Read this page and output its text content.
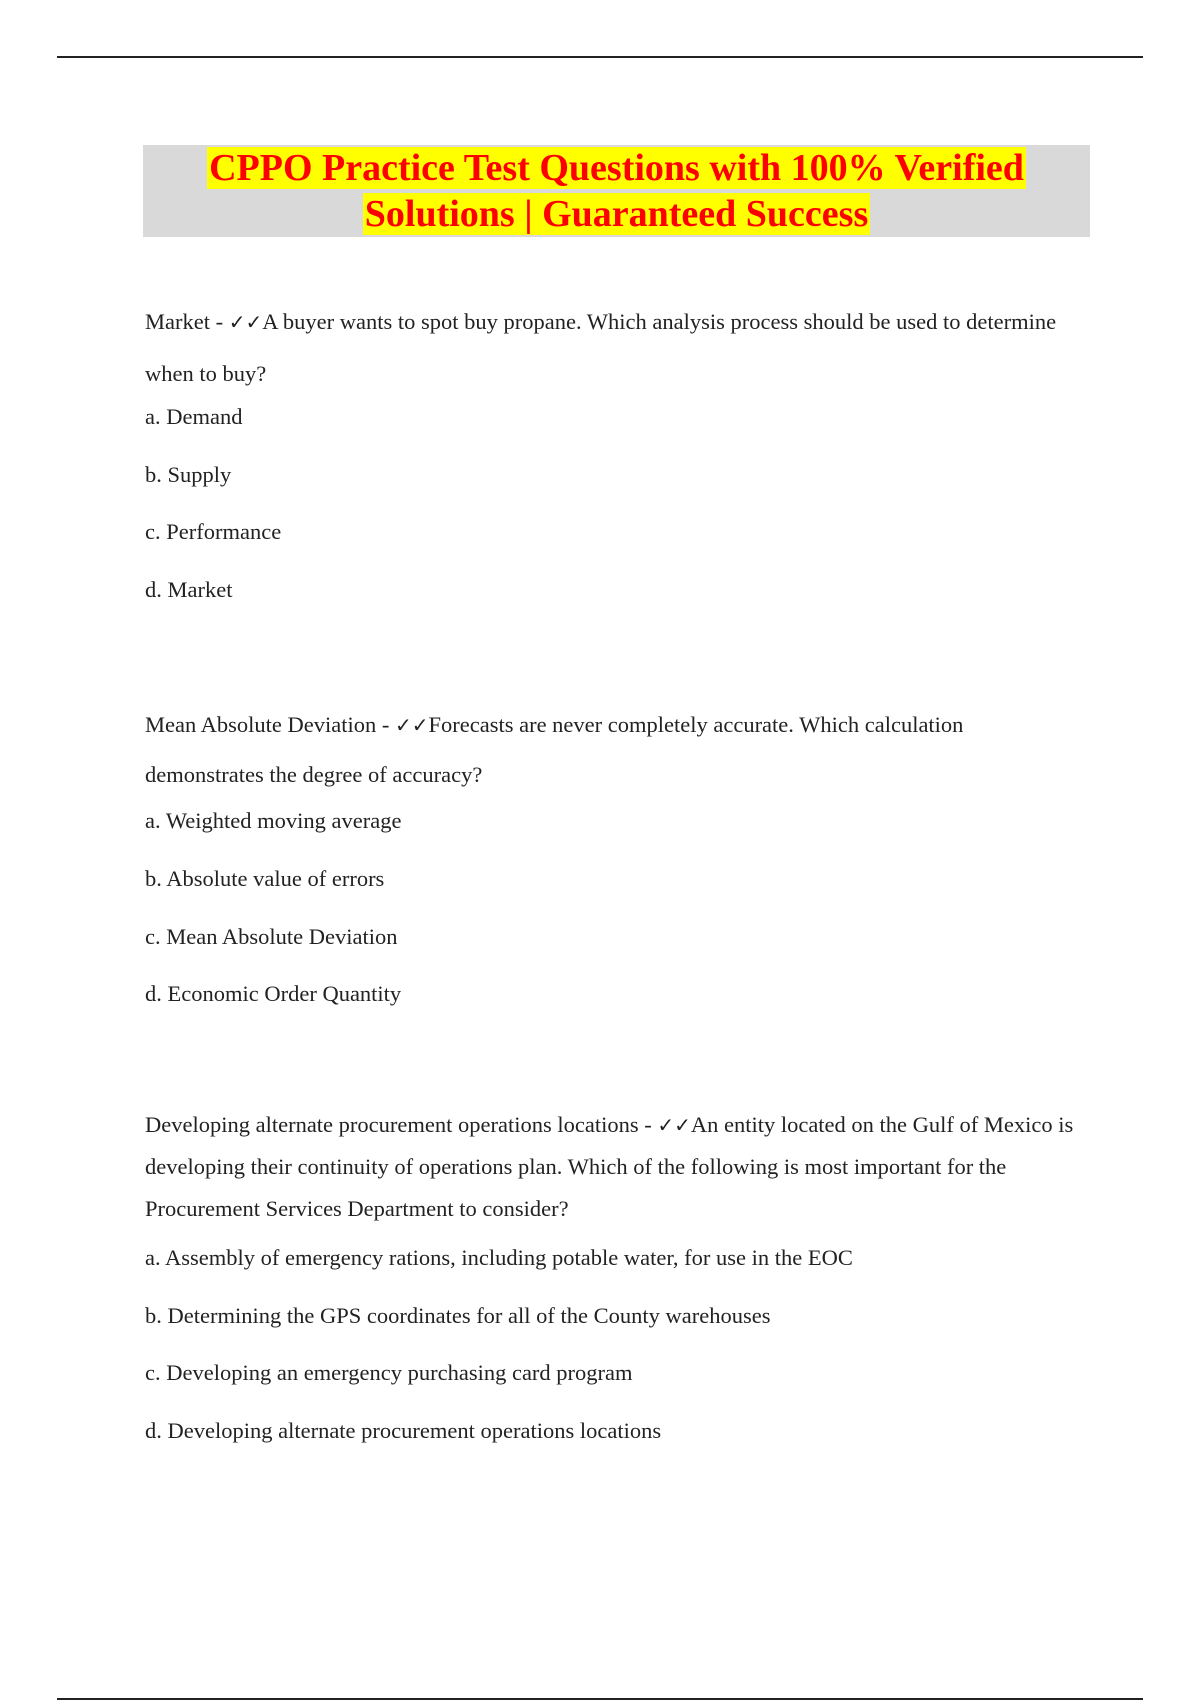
CPPO Practice Test Questions with 100% Verified
Solutions | Guaranteed Success

Market - ✓✓A buyer wants to spot buy propane. Which analysis process should be used to determine when to buy?

a. Demand

b. Supply

c. Performance

d. Market

Mean Absolute Deviation - ✓✓Forecasts are never completely accurate. Which calculation demonstrates the degree of accuracy?

a. Weighted moving average

b. Absolute value of errors

c. Mean Absolute Deviation

d. Economic Order Quantity

Developing alternate procurement operations locations - ✓✓An entity located on the Gulf of Mexico is developing their continuity of operations plan. Which of the following is most important for the Procurement Services Department to consider?

a. Assembly of emergency rations, including potable water, for use in the EOC

b. Determining the GPS coordinates for all of the County warehouses

c. Developing an emergency purchasing card program

d. Developing alternate procurement operations locations
